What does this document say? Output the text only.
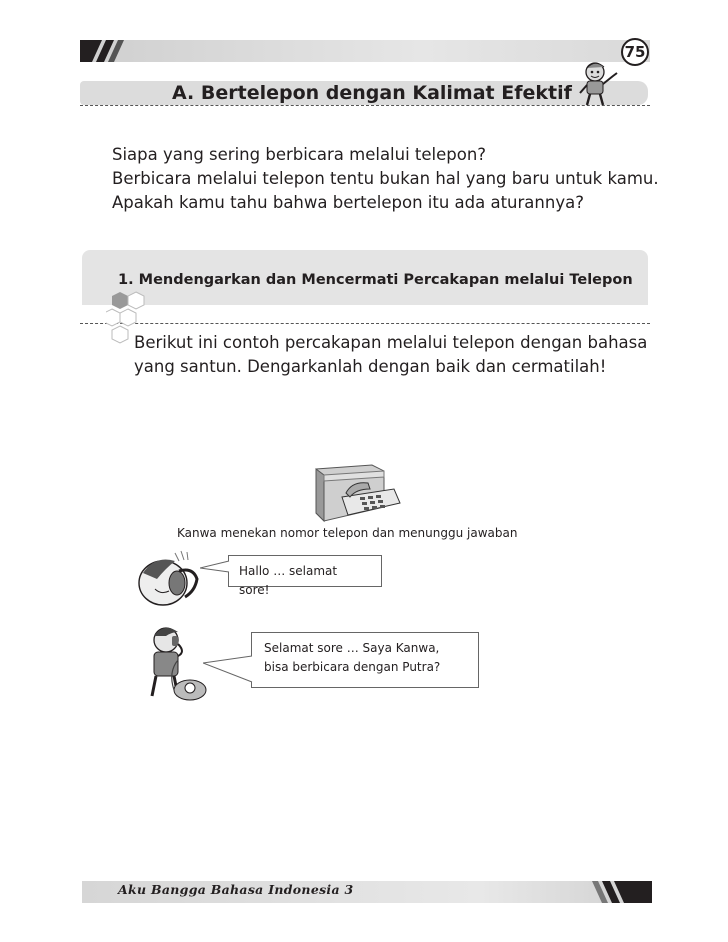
75
A. Bertelepon dengan Kalimat Efektif
Siapa yang sering berbicara melalui telepon?
Berbicara melalui telepon tentu bukan hal yang baru untuk kamu.
Apakah kamu tahu bahwa bertelepon itu ada aturannya?
1. Mendengarkan dan Mencermati Percakapan melalui Telepon
Berikut ini contoh percakapan melalui telepon dengan bahasa
yang santun. Dengarkanlah dengan baik dan cermatilah!
Kanwa menekan nomor telepon dan menunggu jawaban
Hallo … selamat sore!
Selamat sore … Saya Kanwa,
bisa berbicara dengan Putra?
Aku Bangga Bahasa Indonesia 3
